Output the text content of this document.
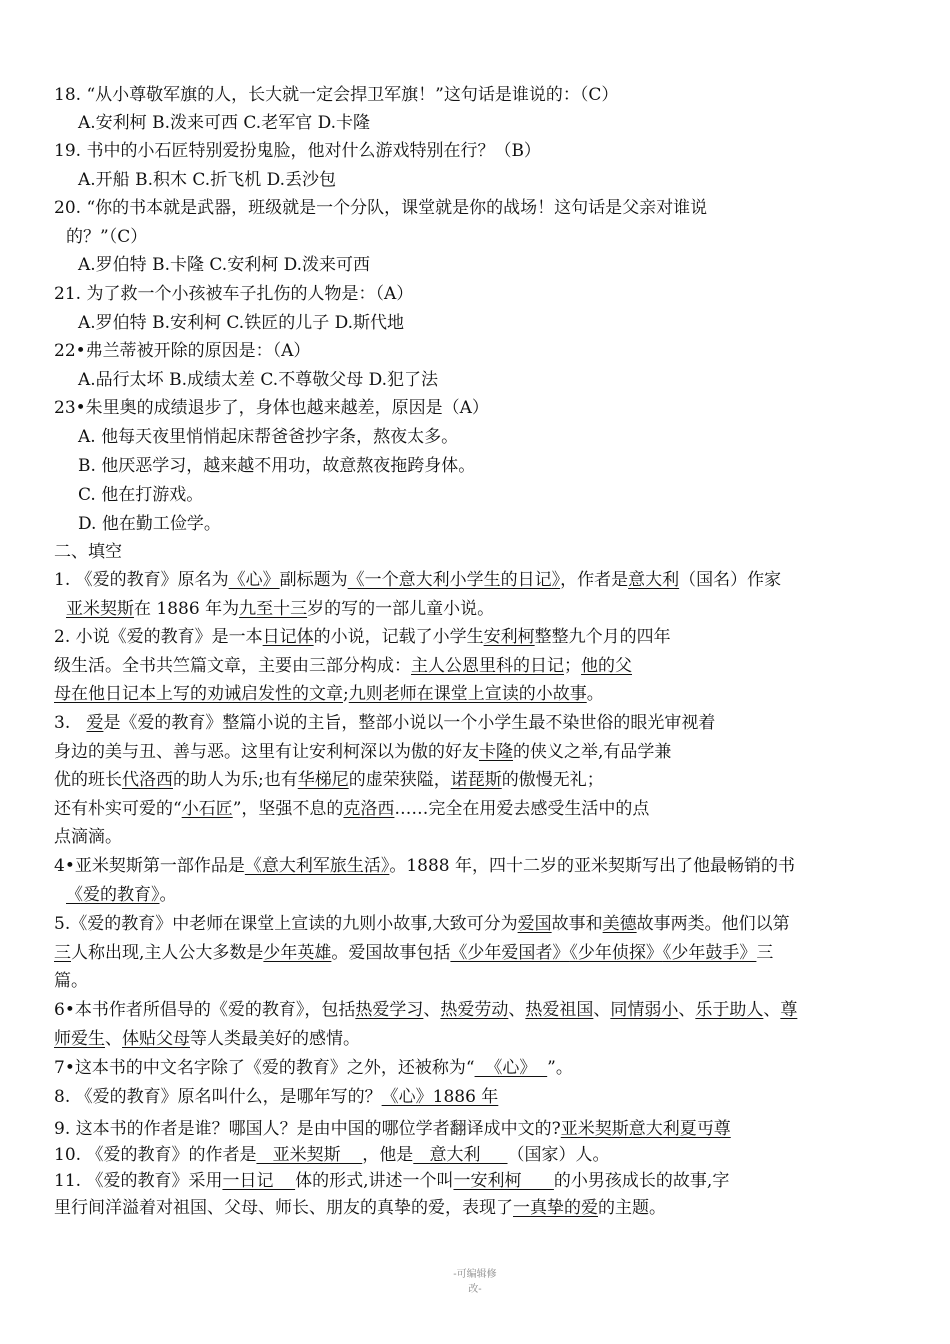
18. “从小尊敬军旗的人，长大就一定会捍卫军旗！”这句话是谁说的：（C）
A.安利柯 B.泼来可西 C.老军官 D.卡隆
19. 书中的小石匠特别爱扮鬼脸，他对什么游戏特别在行？（B）
A.开船 B.积木 C.折飞机 D.丢沙包
20. “你的书本就是武器，班级就是一个分队，课堂就是你的战场！这句话是父亲对谁说
的？”（C）
A.罗伯特 B.卡隆 C.安利柯 D.泼来可西
21. 为了救一个小孩被车子扎伤的人物是：（A）
A.罗伯特 B.安利柯 C.铁匠的儿子 D.斯代地
22•弗兰蒂被开除的原因是：（A）
A.品行太坏 B.成绩太差 C.不尊敬父母 D.犯了法
23•朱里奥的成绩退步了，身体也越来越差，原因是（A）
A. 他每天夜里悄悄起床帮爸爸抄字条，熬夜太多。
B. 他厌恶学习，越来越不用功，故意熬夜拖跨身体。
C. 他在打游戏。
D. 他在勤工俭学。
二、填空
1. 《爱的教育》原名为《心》副标题为《一个意大利小学生的日记》，作者是意大利（国名）作家
亚米契斯在 1886 年为九至十三岁的写的一部儿童小说。
2. 小说《爱的教育》是一本日记体的小说，记载了小学生安利柯整整九个月的四年
级生活。全书共竺篇文章，主要由三部分构成：主人公恩里科的日记；他的父
母在他日记本上写的劝诫启发性的文章;九则老师在课堂上宣读的小故事。
3.   爱是《爱的教育》整篇小说的主旨，整部小说以一个小学生最不染世俗的眼光审视着
身边的美与丑、善与恶。这里有让安利柯深以为傲的好友卡隆的侠义之举,有品学兼
优的班长代洛西的助人为乐;也有华梯尼的虚荣狭隘，诺琵斯的傲慢无礼；
还有朴实可爱的“小石匠”，坚强不息的克洛西……完全在用爱去感受生活中的点
点滴滴。
4•亚米契斯第一部作品是《意大利军旅生活》。1888 年，四十二岁的亚米契斯写出了他最畅销的书
《爱的教育》。
5.《爱的教育》中老师在课堂上宣读的九则小故事,大致可分为爱国故事和美德故事两类。他们以第
三人称出现,主人公大多数是少年英雄。爱国故事包括《少年爱国者》《少年侦探》《少年鼓手》三
篇。
6•本书作者所倡导的《爱的教育》，包括热爱学习、热爱劳动、热爱祖国、同情弱小、乐于助人、尊
师爱生、体贴父母等人类最美好的感情。
7•这本书的中文名字除了《爱的教育》之外，还被称为“  《心》  ”。
8. 《爱的教育》原名叫什么，是哪年写的？《心》1886 年
9. 这本书的作者是谁？哪国人？是由中国的哪位学者翻译成中文的?亚米契斯意大利夏丏尊
10. 《爱的教育》的作者是   亚米契斯    ，他是   意大利     （国家）人。
11. 《爱的教育》采用一日记    体的形式,讲述一个叫一安利柯      的小男孩成长的故事,字
里行间洋溢着对祖国、父母、师长、朋友的真挚的爱，表现了一真挚的爱的主题。
-可编辑修
改-
